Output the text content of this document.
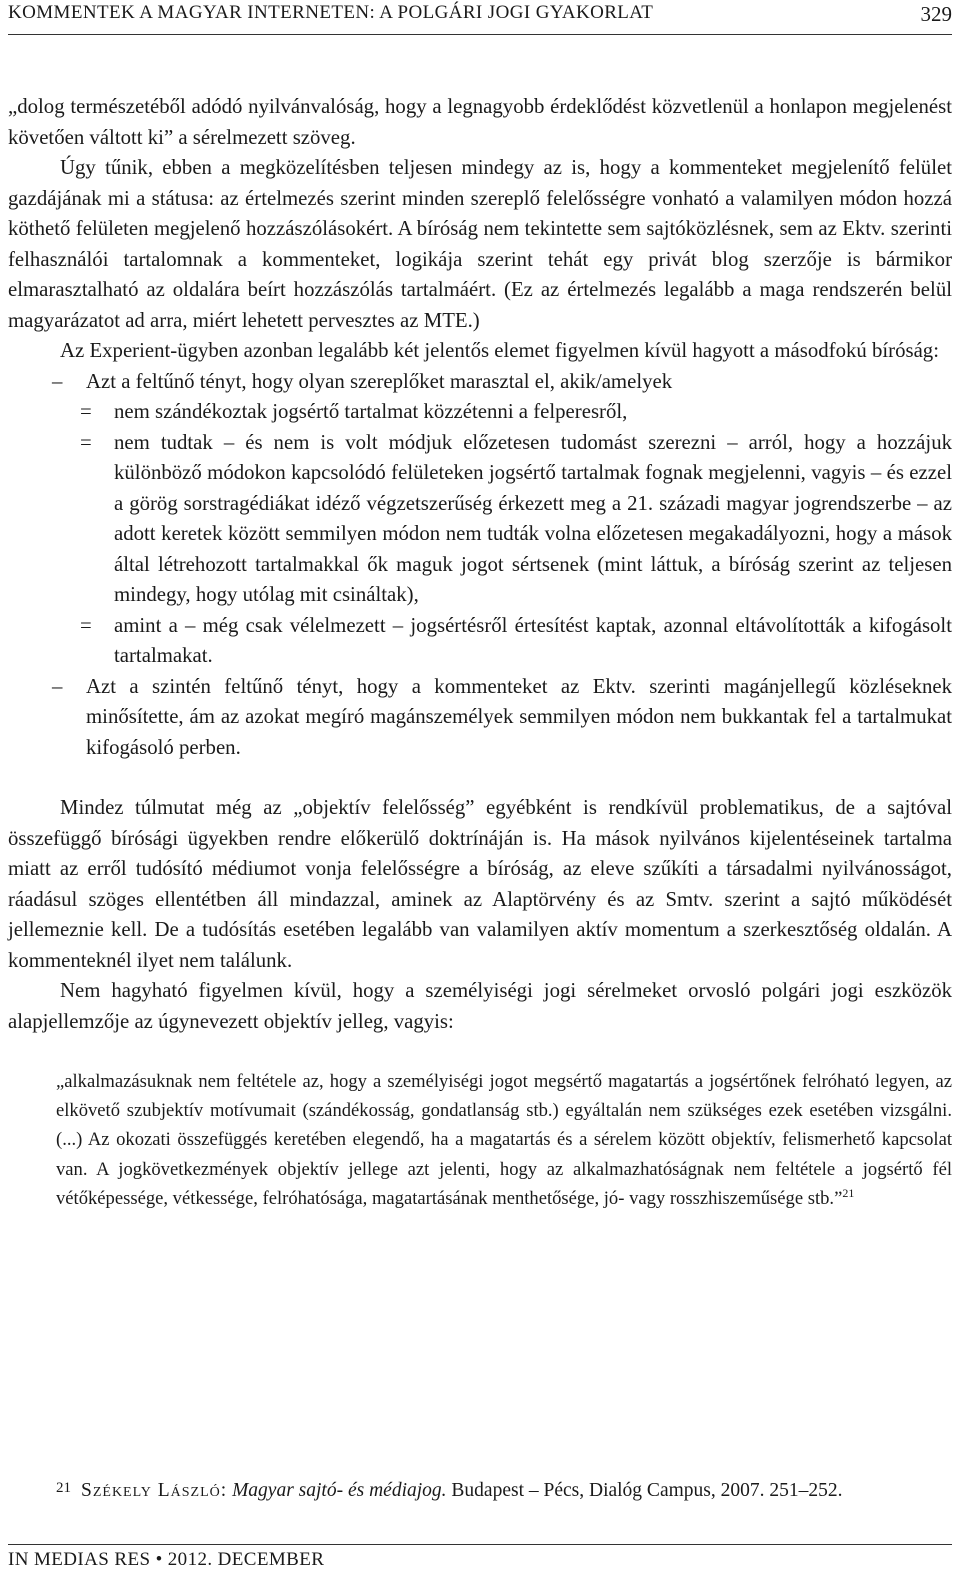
KOMMENTEK A MAGYAR INTERNETEN: A POLGÁRI JOGI GYAKORLAT	329

„dolog természetéből adódó nyilvánvalóság, hogy a legnagyobb érdeklődést közvetlenül a honlapon megjelenést követően váltott ki” a sérelmezett szöveg.

Úgy tűnik, ebben a megközelítésben teljesen mindegy az is, hogy a kommenteket megjelenítő felület gazdájának mi a státusa: az értelmezés szerint minden szereplő felelősségre vonható a valamilyen módon hozzá köthető felületen megjelenő hozzászólásokért. A bíróság nem tekintette sem sajtóközlésnek, sem az Ektv. szerinti felhasználói tartalomnak a kommenteket, logikája szerint tehát egy privát blog szerzője is bármikor elmarasztalható az oldalára beírt hozzászólás tartalmáért. (Ez az értelmezés legalább a maga rendszerén belül magyarázatot ad arra, miért lehetett pervesztes az MTE.)

Az Experient-ügyben azonban legalább két jelentős elemet figyelmen kívül hagyott a másodfokú bíróság:

– Azt a feltűnő tényt, hogy olyan szereplőket marasztal el, akik/amelyek
= nem szándékoztak jogsértő tartalmat közzétenni a felperesről,
= nem tudtak – és nem is volt módjuk előzetesen tudomást szerezni – arról, hogy a hozzájuk különböző módokon kapcsolódó felületeken jogsértő tartalmak fognak megjelenni, vagyis – és ezzel a görög sorstragédiákat idéző végzetszerűség érkezett meg a 21. századi magyar jogrendszerbe – az adott keretek között semmilyen módon nem tudták volna előzetesen megakadályozni, hogy a mások által létrehozott tartalmakkal ők maguk jogot sértsenek (mint láttuk, a bíróság szerint az teljesen mindegy, hogy utólag mit csináltak),
= amint a – még csak vélelmezett – jogsértésről értesítést kaptak, azonnal eltávolították a kifogásolt tartalmakat.
– Azt a szintén feltűnő tényt, hogy a kommenteket az Ektv. szerinti magánjellegű közléseknek minősítette, ám az azokat megíró magánszemélyek semmilyen módon nem bukkantak fel a tartalmukat kifogásoló perben.

Mindez túlmutat még az „objektív felelősség” egyébként is rendkívül problematikus, de a sajtóval összefüggő bírósági ügyekben rendre előkerülő doktrínáján is. Ha mások nyilvános kijelentéseinek tartalma miatt az erről tudósító médiumot vonja felelősségre a bíróság, az eleve szűkíti a társadalmi nyilvánosságot, ráadásul szöges ellentétben áll mindazzal, aminek az Alaptörvény és az Smtv. szerint a sajtó működését jellemeznie kell. De a tudósítás esetében legalább van valamilyen aktív momentum a szerkesztőség oldalán. A kommenteknél ilyet nem találunk.

Nem hagyható figyelmen kívül, hogy a személyiségi jogi sérelmeket orvosló polgári jogi eszközök alapjellemzője az úgynevezett objektív jelleg, vagyis:

„alkalmazásuknak nem feltétele az, hogy a személyiségi jogot megsértő magatartás a jogsértőnek felróható legyen, az elkövető szubjektív motívumait (szándékosság, gondatlanság stb.) egyáltalán nem szükséges ezek esetében vizsgálni. (...) Az okozati összefüggés keretében elegendő, ha a magatartás és a sérelem között objektív, felismerhető kapcsolat van. A jogkövetkezmények objektív jellege azt jelenti, hogy az alkalmazhatóságnak nem feltétele a jogsértő fél vétőképessége, vétkessége, felróhatósága, magatartásának menthetősége, jó- vagy rosszhiszeműsége stb.”$^{21}$
$^{21}$ Székely László: Magyar sajtó- és médiajog. Budapest – Pécs, Dialóg Campus, 2007. 251–252.
IN MEDIAS RES • 2012. DECEMBER
